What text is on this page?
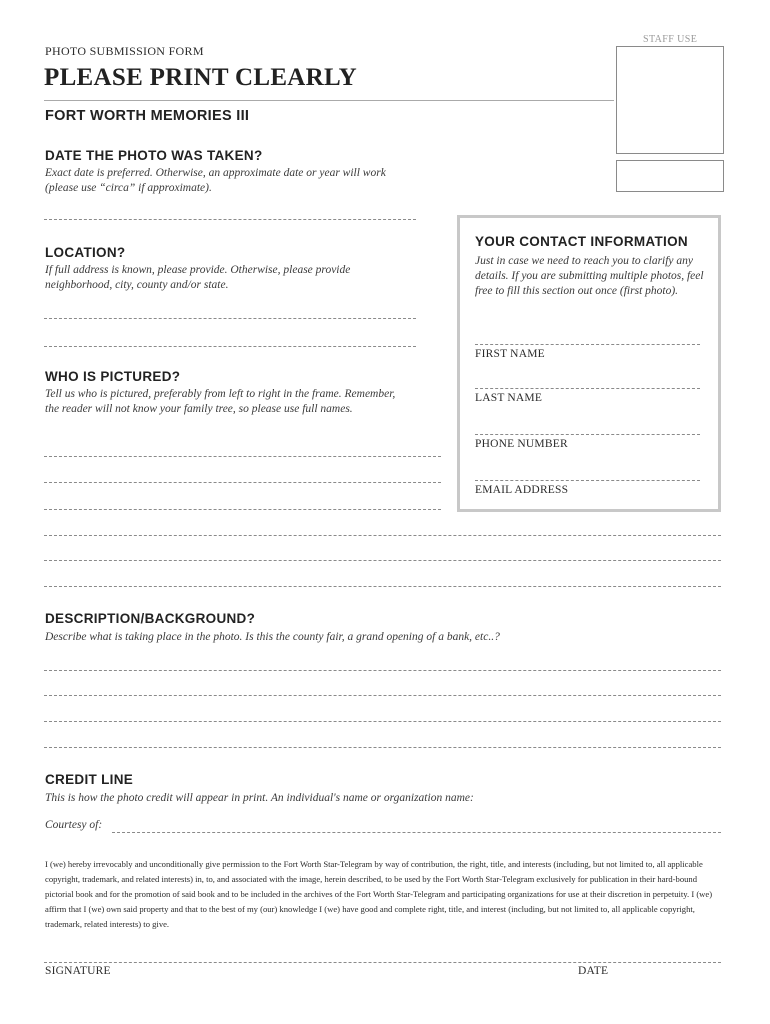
STAFF USE
PHOTO SUBMISSION FORM
PLEASE PRINT CLEARLY
FORT WORTH MEMORIES III
DATE THE PHOTO WAS TAKEN?
Exact date is preferred. Otherwise, an approximate date or year will work (please use “circa” if approximate).
LOCATION?
If full address is known, please provide. Otherwise, please provide neighborhood, city, county and/or state.
WHO IS PICTURED?
Tell us who is pictured, preferably from left to right in the frame. Remember, the reader will not know your family tree, so please use full names.
YOUR CONTACT INFORMATION
Just in case we need to reach you to clarify any details. If you are submitting multiple photos, feel free to fill this section out once (first photo).
FIRST NAME
LAST NAME
PHONE NUMBER
EMAIL ADDRESS
DESCRIPTION/BACKGROUND?
Describe what is taking place in the photo. Is this the county fair, a grand opening of a bank, etc..?
CREDIT LINE
This is how the photo credit will appear in print. An individual's name or organization name:
Courtesy of:
I (we) hereby irrevocably and unconditionally give permission to the Fort Worth Star-Telegram by way of contribution, the right, title, and interests (including, but not limited to, all applicable copyright, trademark, and related interests) in, to, and associated with the image, herein described, to be used by the Fort Worth Star-Telegram exclusively for publication in their hard-bound pictorial book and for the promotion of said book and to be included in the archives of the Fort Worth Star-Telegram and participating organizations for use at their discretion in perpetuity. I (we) affirm that I (we) own said property and that to the best of my (our) knowledge I (we) have good and complete right, title, and interest (including, but not limited to, all applicable copyright, trademark, related interests) to give.
SIGNATURE	DATE
